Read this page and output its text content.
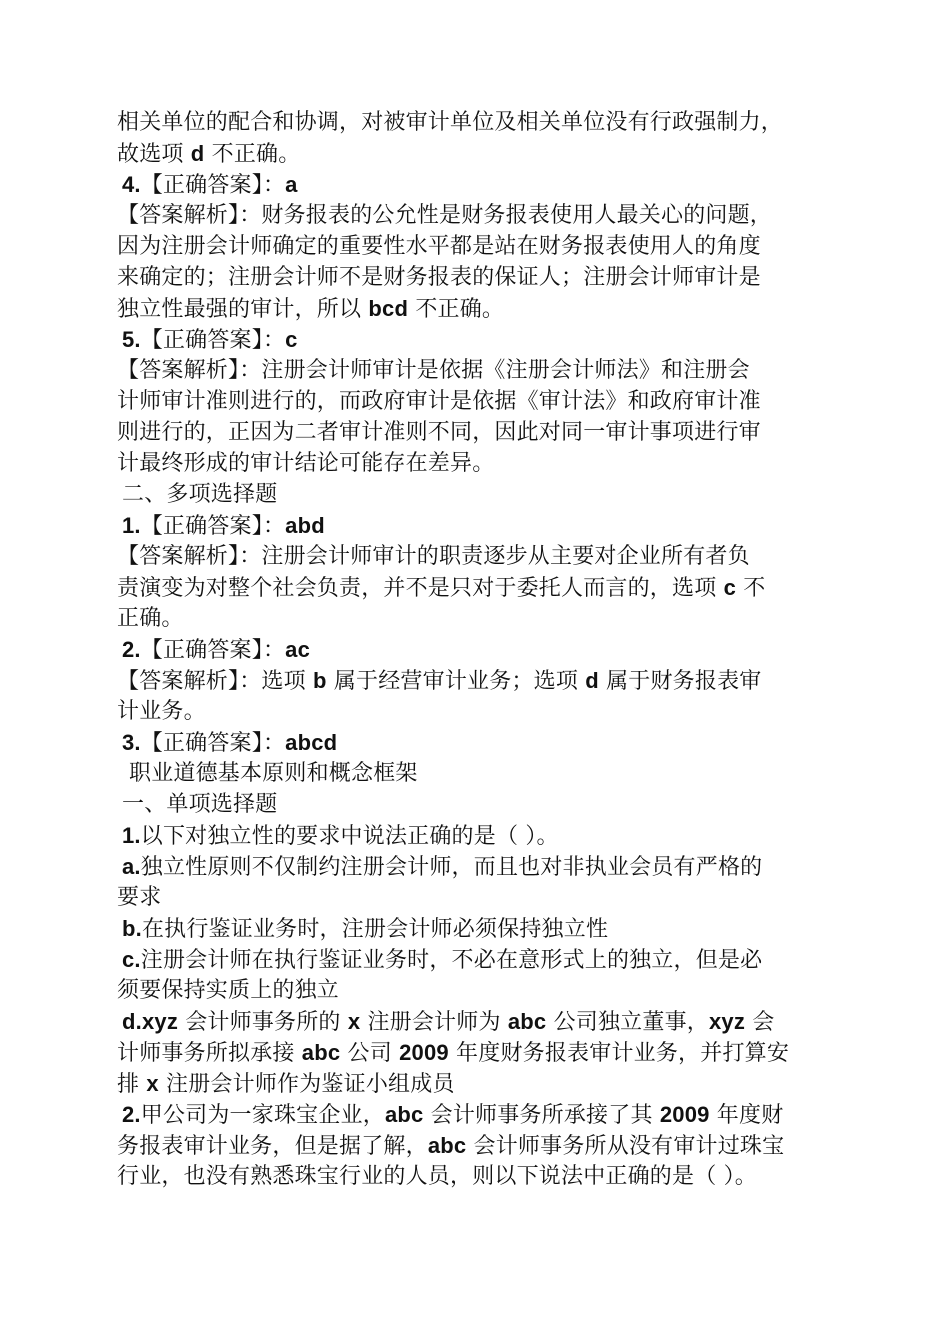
相关单位的配合和协调，对被审计单位及相关单位没有行政强制力，
故选项 d 不正确。
4.【正确答案】：a
【答案解析】：财务报表的公允性是财务报表使用人最关心的问题，
因为注册会计师确定的重要性水平都是站在财务报表使用人的角度
来确定的；注册会计师不是财务报表的保证人；注册会计师审计是
独立性最强的审计，所以 bcd 不正确。
5.【正确答案】：c
【答案解析】：注册会计师审计是依据《注册会计师法》和注册会
计师审计准则进行的，而政府审计是依据《审计法》和政府审计准
则进行的，正因为二者审计准则不同，因此对同一审计事项进行审
计最终形成的审计结论可能存在差异。
二、多项选择题
1.【正确答案】：abd
【答案解析】：注册会计师审计的职责逐步从主要对企业所有者负
责演变为对整个社会负责，并不是只对于委托人而言的，选项 c 不
正确。
2.【正确答案】：ac
【答案解析】：选项 b 属于经营审计业务；选项 d 属于财务报表审
计业务。
3.【正确答案】：abcd
职业道德基本原则和概念框架
一、单项选择题
1.以下对独立性的要求中说法正确的是（ ）。
a.独立性原则不仅制约注册会计师，而且也对非执业会员有严格的
要求
b.在执行鉴证业务时，注册会计师必须保持独立性
c.注册会计师在执行鉴证业务时，不必在意形式上的独立，但是必
须要保持实质上的独立
d.xyz 会计师事务所的 x 注册会计师为 abc 公司独立董事，xyz 会
计师事务所拟承接 abc 公司 2009 年度财务报表审计业务，并打算安
排 x 注册会计师作为鉴证小组成员
2.甲公司为一家珠宝企业，abc 会计师事务所承接了其 2009 年度财
务报表审计业务，但是据了解，abc 会计师事务所从没有审计过珠宝
行业，也没有熟悉珠宝行业的人员，则以下说法中正确的是（ ）。
